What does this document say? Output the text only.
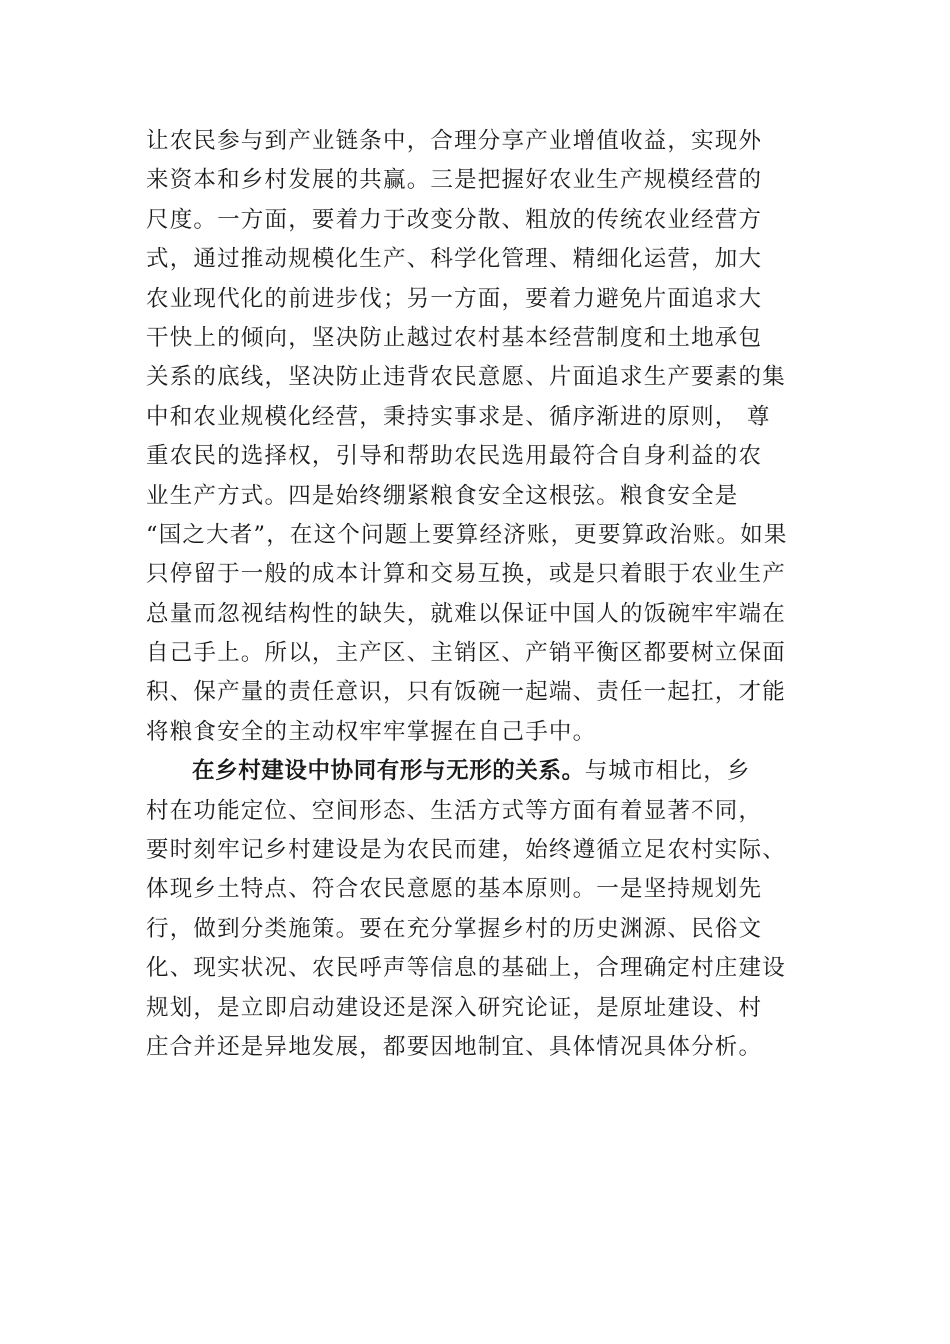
让农民参与到产业链条中，合理分享产业增值收益，实现外
来资本和乡村发展的共赢。三是把握好农业生产规模经营的
尺度。一方面，要着力于改变分散、粗放的传统农业经营方
式，通过推动规模化生产、科学化管理、精细化运营，加大
农业现代化的前进步伐；另一方面，要着力避免片面追求大
干快上的倾向，坚决防止越过农村基本经营制度和土地承包
关系的底线，坚决防止违背农民意愿、片面追求生产要素的集
中和农业规模化经营，秉持实事求是、循序渐进的原则， 尊
重农民的选择权，引导和帮助农民选用最符合自身利益的农
业生产方式。四是始终绷紧粮食安全这根弦。粮食安全是
“国之大者”，在这个问题上要算经济账，更要算政治账。如果
只停留于一般的成本计算和交易互换，或是只着眼于农业生产
总量而忽视结构性的缺失，就难以保证中国人的饭碗牢牢端在
自己手上。所以，主产区、主销区、产销平衡区都要树立保面
积、保产量的责任意识，只有饭碗一起端、责任一起扛，才能
将粮食安全的主动权牢牢掌握在自己手中。
在乡村建设中协同有形与无形的关系。与城市相比，乡
村在功能定位、空间形态、生活方式等方面有着显著不同，
要时刻牢记乡村建设是为农民而建，始终遵循立足农村实际、
体现乡土特点、符合农民意愿的基本原则。一是坚持规划先
行，做到分类施策。要在充分掌握乡村的历史渊源、民俗文
化、现实状况、农民呼声等信息的基础上，合理确定村庄建设
规划，是立即启动建设还是深入研究论证，是原址建设、村
庄合并还是异地发展，都要因地制宜、具体情况具体分析。
